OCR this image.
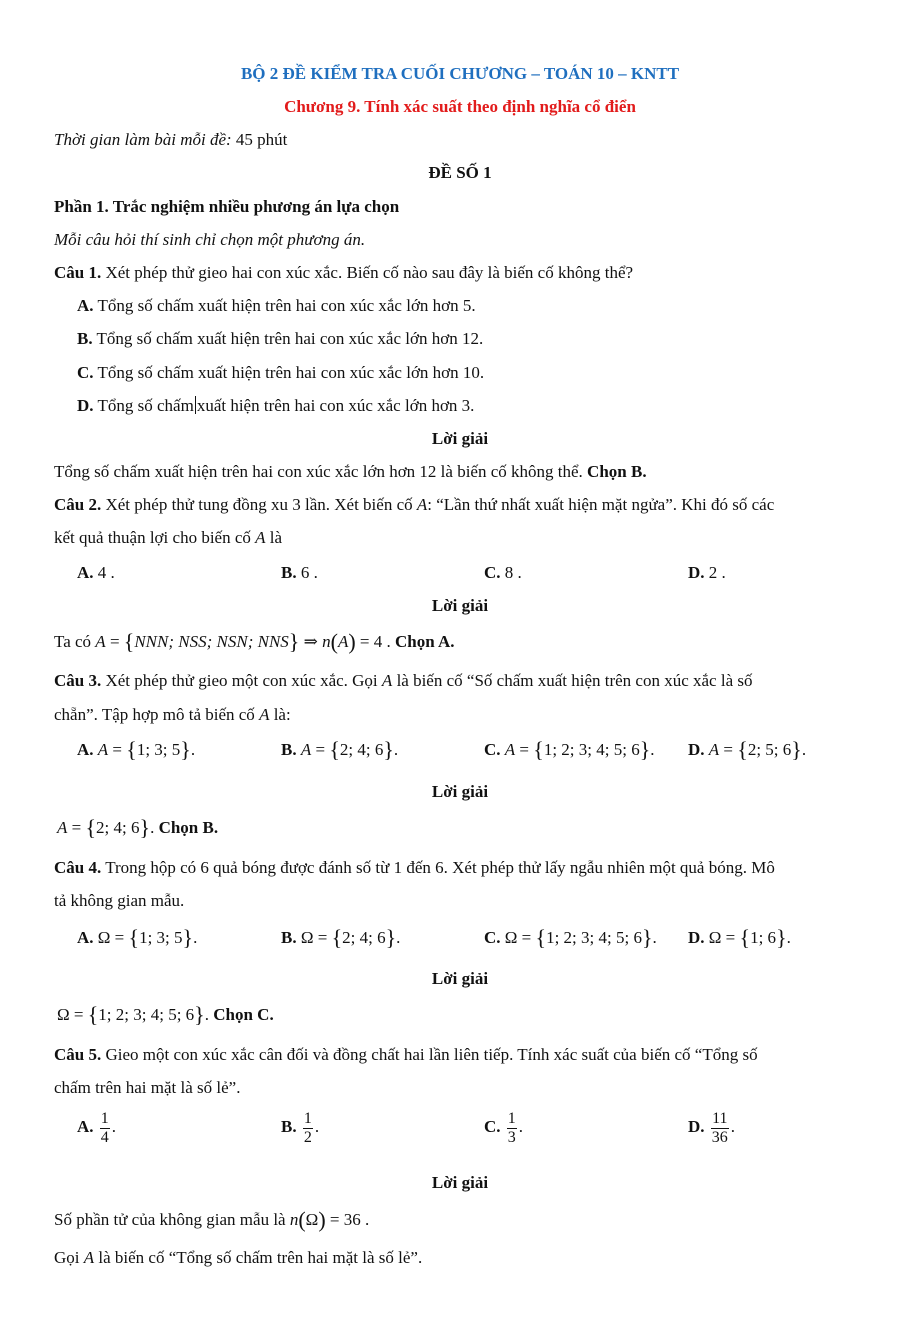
BỘ 2 ĐỀ KIỂM TRA CUỐI CHƯƠNG – TOÁN 10 – KNTT
Chương 9. Tính xác suất theo định nghĩa cổ điển
Thời gian làm bài mỗi đề: 45 phút
ĐỀ SỐ 1
Phần 1. Trắc nghiệm nhiều phương án lựa chọn
Mỗi câu hỏi thí sinh chỉ chọn một phương án.
Câu 1. Xét phép thử gieo hai con xúc xắc. Biến cố nào sau đây là biến cố không thể?
A. Tổng số chấm xuất hiện trên hai con xúc xắc lớn hơn 5.
B. Tổng số chấm xuất hiện trên hai con xúc xắc lớn hơn 12.
C. Tổng số chấm xuất hiện trên hai con xúc xắc lớn hơn 10.
D. Tổng số chấm xuất hiện trên hai con xúc xắc lớn hơn 3.
Lời giải
Tổng số chấm xuất hiện trên hai con xúc xắc lớn hơn 12 là biến cố không thể. Chọn B.
Câu 2. Xét phép thử tung đồng xu 3 lần. Xét biến cố A: “Lần thứ nhất xuất hiện mặt ngửa”. Khi đó số các
kết quả thuận lợi cho biến cố A là
A. 4 .	B. 6 .	C. 8 .	D. 2 .
Lời giải
Ta có A = {NNN; NSS; NSN; NNS} ⇒ n(A) = 4 . Chọn A.
Câu 3. Xét phép thử gieo một con xúc xắc. Gọi A là biến cố “Số chấm xuất hiện trên con xúc xắc là số
chẵn”. Tập hợp mô tả biến cố A là:
A. A = {1; 3; 5}.	B. A = {2; 4; 6}.	C. A = {1; 2; 3; 4; 5; 6}. D. A = {2; 5; 6}.
Lời giải
A = {2; 4; 6}. Chọn B.
Câu 4. Trong hộp có 6 quả bóng được đánh số từ 1 đến 6. Xét phép thử lấy ngẫu nhiên một quả bóng. Mô
tả không gian mẫu.
A. Ω = {1; 3; 5}.	B. Ω = {2; 4; 6}.	C. Ω = {1; 2; 3; 4; 5; 6}. D. Ω = {1; 6}.
Lời giải
Ω = {1; 2; 3; 4; 5; 6}. Chọn C.
Câu 5. Gieo một con xúc xắc cân đối và đồng chất hai lần liên tiếp. Tính xác suất của biến cố “Tổng số
chấm trên hai mặt là số lẻ”.
A. $\frac{1}{4}$ .	B. $\frac{1}{2}$ .	C. $\frac{1}{3}$ .	D. $\frac{11}{36}$ .
Lời giải
Số phần tử của không gian mẫu là n(Ω) = 36 .
Gọi A là biến cố “Tổng số chấm trên hai mặt là số lẻ”.
